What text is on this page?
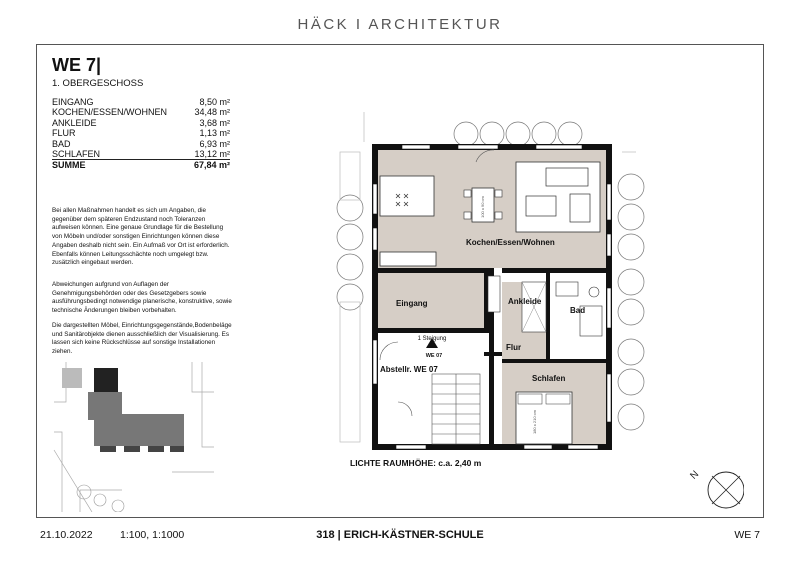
HÄCK I ARCHITEKTUR
WE 7|
1. OBERGESCHOSS
EINGANG	8,50 m²
KOCHEN/ESSEN/WOHNEN	34,48 m²
ANKLEIDE	3,68 m²
FLUR	1,13 m²
BAD	6,93 m²
SCHLAFEN	13,12 m²
SUMME	67,84 m²
Bei allen Maßnahmen handelt es sich um Angaben, die gegenüber dem späteren Endzustand noch Toleranzen aufweisen können. Eine genaue Grundlage für die Bestellung von Möbeln und/oder sonstigen Einrichtungen können diese Angaben deshalb nicht sein. Ein Aufmaß vor Ort ist erforderlich. Ebenfalls können Leitungsschächte noch umgelegt bzw. zusätzlich eingebaut werden.
Abweichungen aufgrund von Auflagen der Genehmigungsbehörden oder des Gesetzgebers sowie ausführungsbedingt notwendige planerische, konstruktive, sowie technische Änderungen bleiben vorbehalten.
Die dargestellten Möbel, Einrichtungsgegenstände,Bodenbeläge und Sanitärobjekte dienen ausschließlich der Visualisierung. Es lassen sich keine Rückschlüsse auf sonstige Installationen ziehen.
100 x 90 cm
180 x 210 cm
Kochen/Essen/Wohnen
Eingang	Ankleide
Bad
Flur
Abstellr. WE 07
Schlafen
1 Steigung
WE 07
LICHTE RAUMHÖHE: c.a. 2,40 m
N
21.10.2022	1:100, 1:1000	318 | ERICH-KÄSTNER-SCHULE	WE 7
